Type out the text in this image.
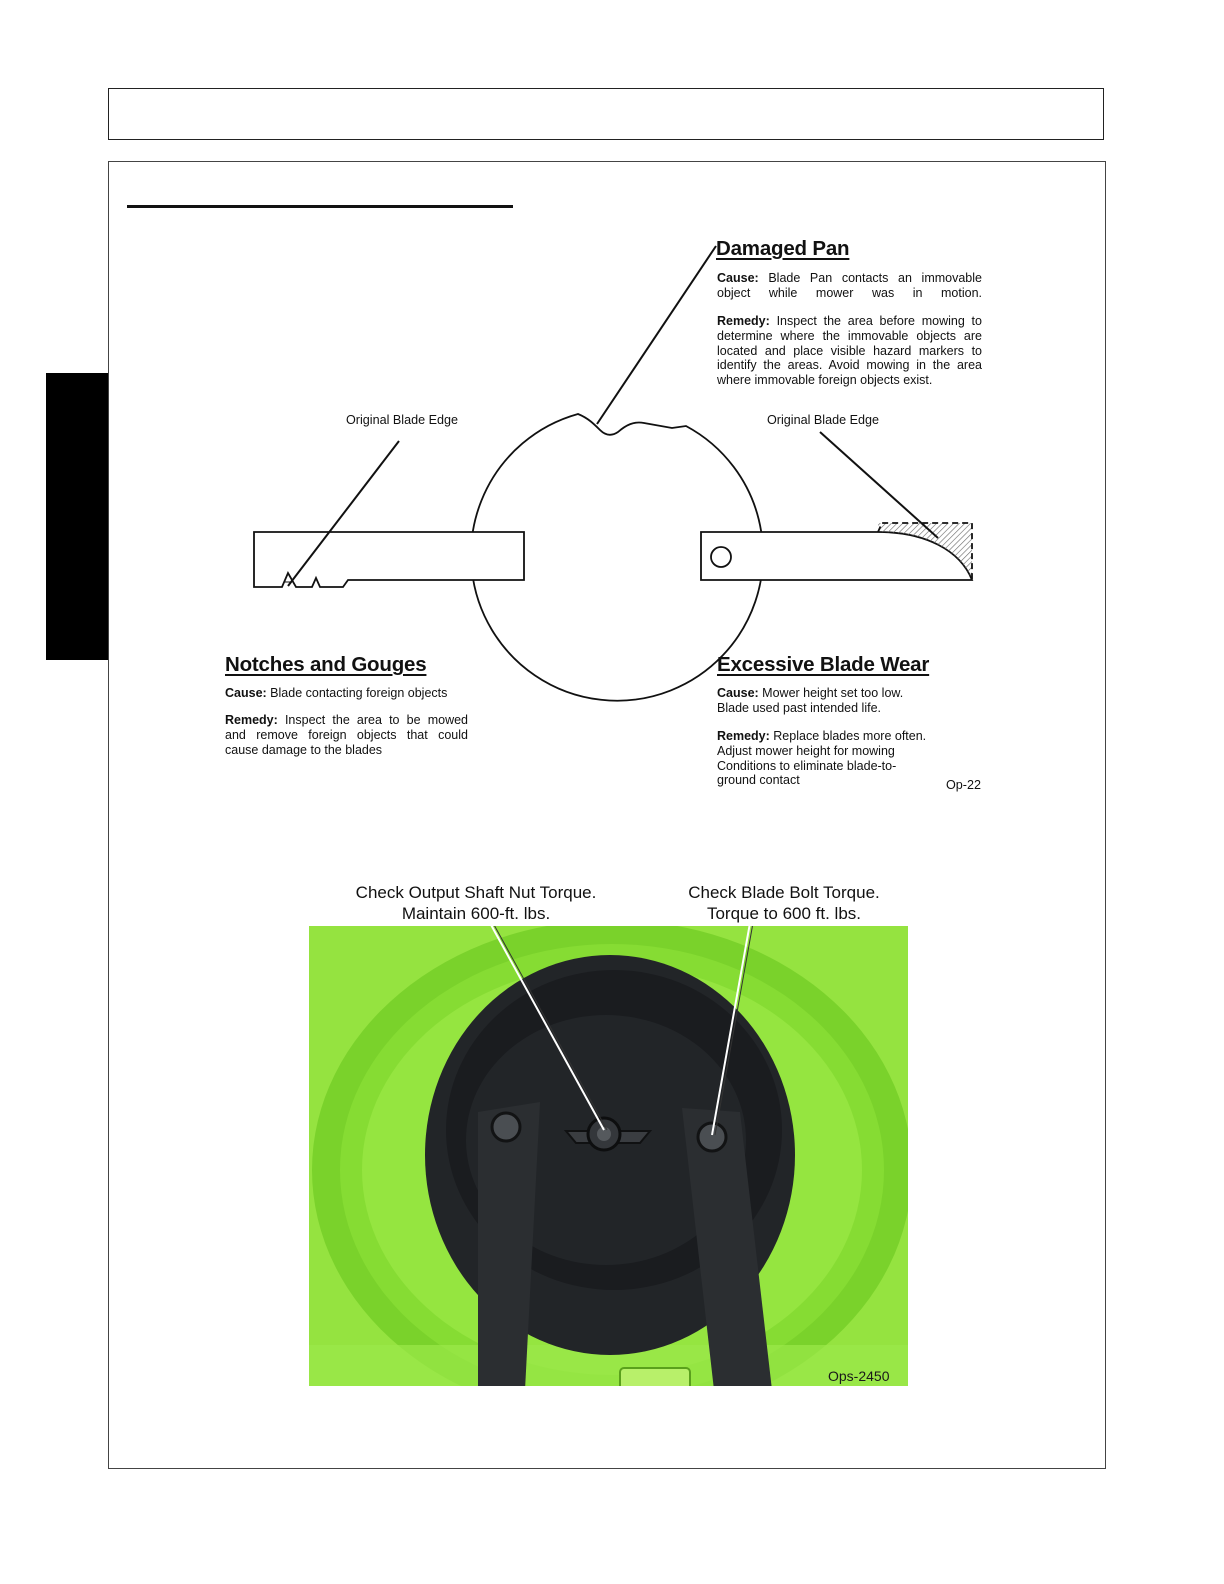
Damaged Pan
Cause: Blade Pan contacts an immovable object while mower was in motion.
Remedy: Inspect the area before mowing to determine where the immovable objects are located and place visible hazard markers to identify the areas. Avoid mowing in the area where immovable foreign objects exist.
Original Blade Edge	Original Blade Edge
Notches and Gouges
Cause: Blade contacting foreign objects
Remedy: Inspect the area to be mowed and remove foreign objects that could cause damage to the blades
Excessive Blade Wear
Cause: Mower height set too low.
Blade used past intended life.
Remedy: Replace blades more often.
Adjust mower height for mowing
Conditions to eliminate blade-to-
ground contact	Op-22
Check Output Shaft Nut Torque.
Maintain 600-ft. lbs.
Check Blade Bolt Torque.
Torque to 600 ft. lbs.
Ops-2450
